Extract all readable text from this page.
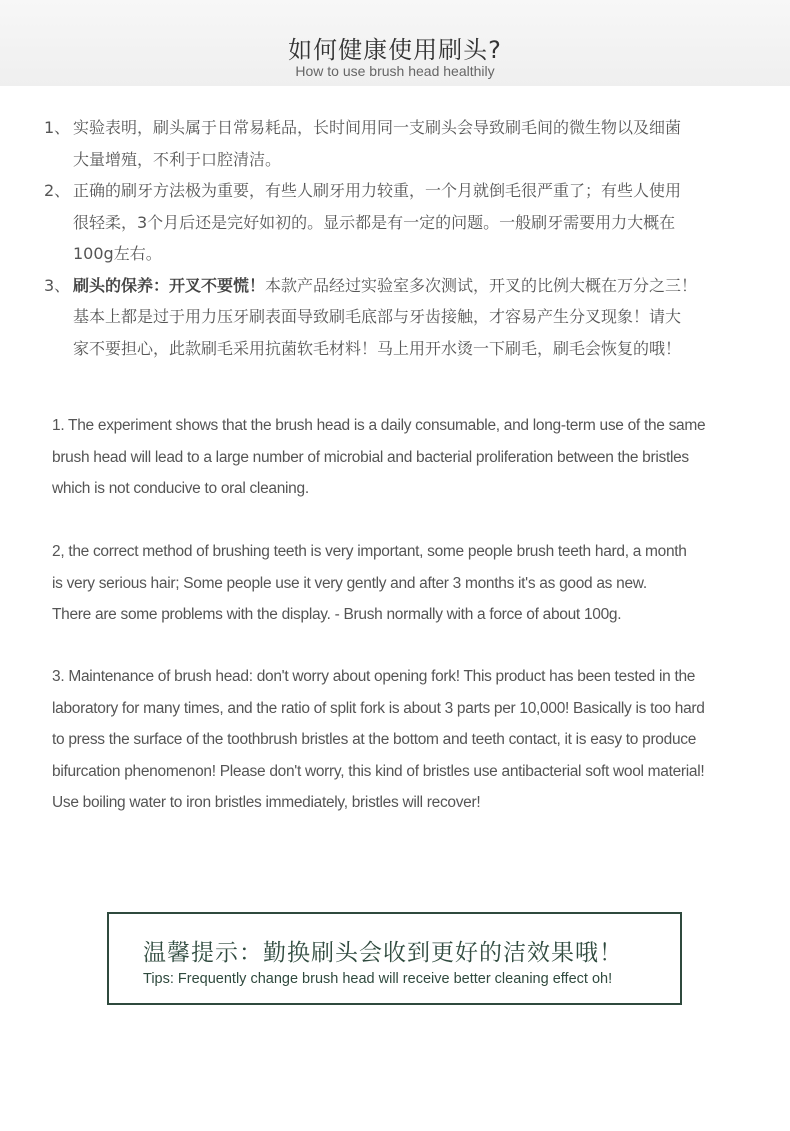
如何健康使用刷头?
How to use brush head healthily
1、 实验表明，刷头属于日常易耗品，长时间用同一支刷头会导致刷毛间的微生物以及细菌
大量增殖，不利于口腔清洁。
2、 正确的刷牙方法极为重要，有些人刷牙用力较重，一个月就倒毛很严重了；有些人使用
很轻柔，3个月后还是完好如初的。显示都是有一定的问题。一般刷牙需要用力大概在
100g左右。
3、 刷头的保养：开叉不要慌！本款产品经过实验室多次测试，开叉的比例大概在万分之三！
基本上都是过于用力压牙刷表面导致刷毛底部与牙齿接触，才容易产生分叉现象！请大
家不要担心，此款刷毛采用抗菌软毛材料！马上用开水烫一下刷毛，刷毛会恢复的哦！
1. The experiment shows that the brush head is a daily consumable, and long-term use of the same
brush head will lead to a large number of microbial and bacterial proliferation between the bristles
which is not conducive to oral cleaning.
2, the correct method of brushing teeth is very important, some people brush teeth hard, a month
is very serious hair; Some people use it very gently and after 3 months it's as good as new.
There are some problems with the display. - Brush normally with a force of about 100g.
3. Maintenance of brush head: don't worry about opening fork! This product has been tested in the
laboratory for many times, and the ratio of split fork is about 3 parts per 10,000! Basically is too hard
to press the surface of the toothbrush bristles at the bottom and teeth contact, it is easy to produce
bifurcation phenomenon! Please don't worry, this kind of bristles use antibacterial soft wool material!
Use boiling water to iron bristles immediately, bristles will recover!
温馨提示：勤换刷头会收到更好的洁效果哦！
Tips: Frequently change brush head will receive better cleaning effect oh!
